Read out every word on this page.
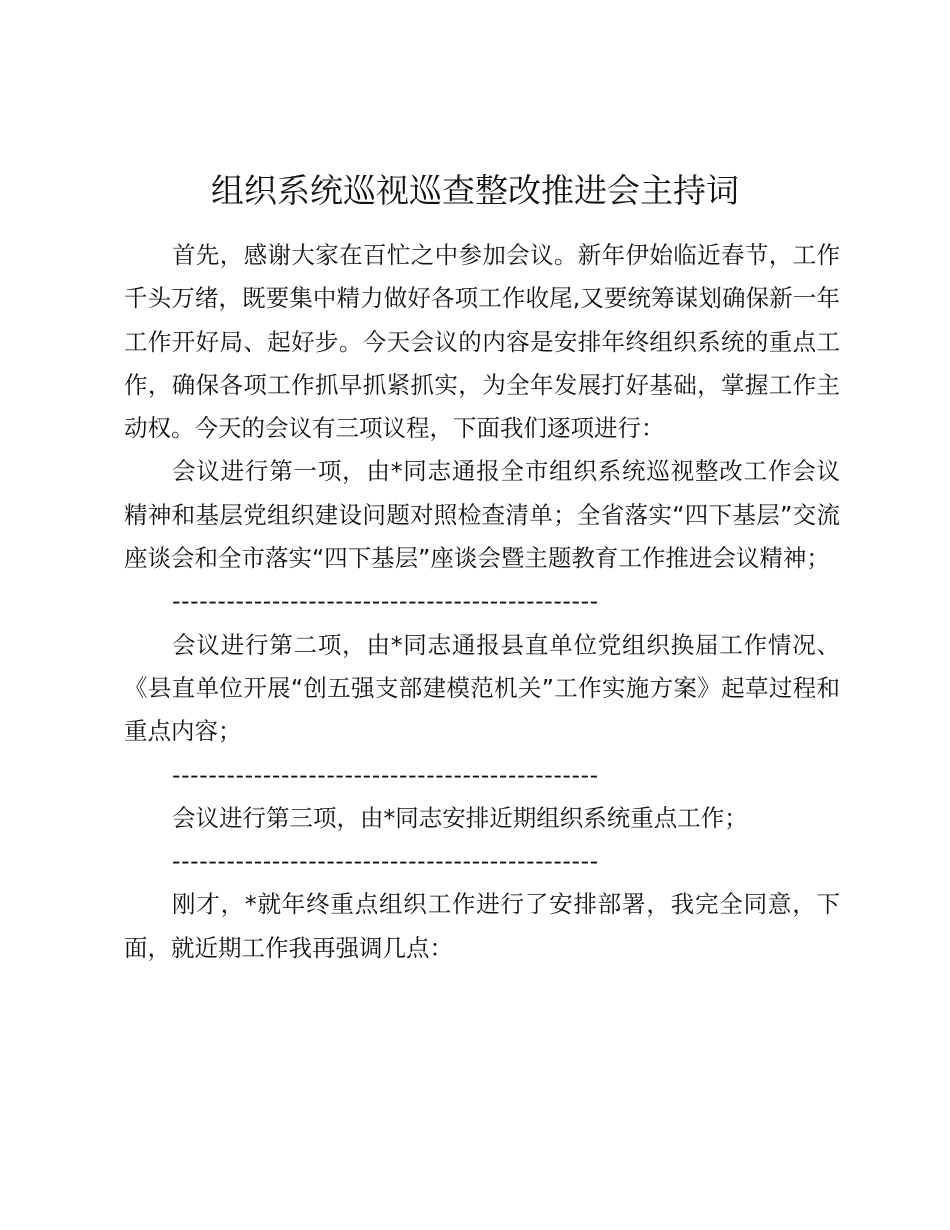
组织系统巡视巡查整改推进会主持词

首先，感谢大家在百忙之中参加会议。新年伊始临近春节，工作千头万绪，既要集中精力做好各项工作收尾,又要统筹谋划确保新一年工作开好局、起好步。今天会议的内容是安排年终组织系统的重点工作，确保各项工作抓早抓紧抓实，为全年发展打好基础，掌握工作主动权。今天的会议有三项议程，下面我们逐项进行：

会议进行第一项，由*同志通报全市组织系统巡视整改工作会议精神和基层党组织建设问题对照检查清单；全省落实“四下基层”交流座谈会和全市落实“四下基层”座谈会暨主题教育工作推进会议精神；

-----------------------------------------------

会议进行第二项，由*同志通报县直单位党组织换届工作情况、《县直单位开展“创五强支部建模范机关”工作实施方案》起草过程和重点内容；

-----------------------------------------------

会议进行第三项，由*同志安排近期组织系统重点工作；

-----------------------------------------------

刚才，*就年终重点组织工作进行了安排部署，我完全同意，下面，就近期工作我再强调几点：
